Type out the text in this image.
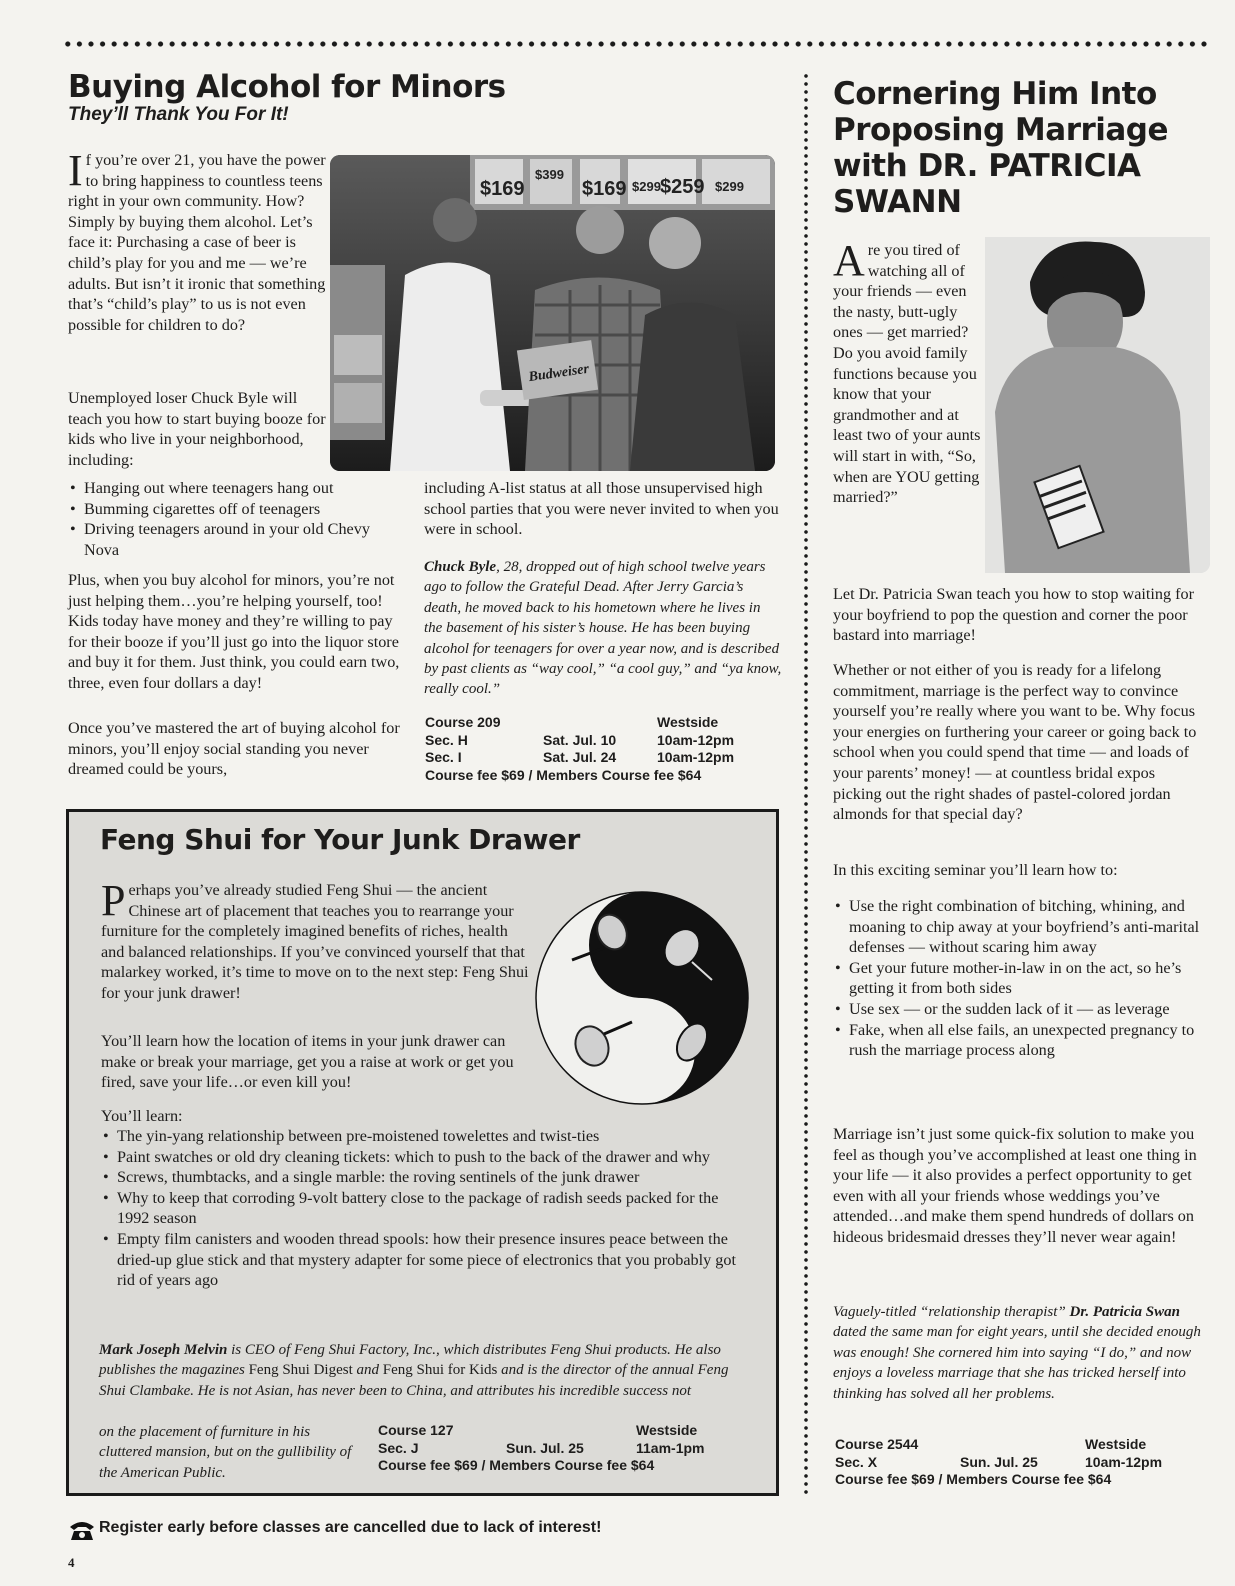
Buying Alcohol for Minors
They’ll Thank You For It!
If you’re over 21, you have the power to bring happiness to countless teens right in your own community. How? Simply by buying them alcohol. Let’s face it: Purchasing a case of beer is child’s play for you and me — we’re adults. But isn’t it ironic that something that’s “child’s play” to us is not even possible for children to do?

Unemployed loser Chuck Byle will teach you how to start buying booze for kids who live in your neighborhood, including:

$169
$399
$169 $299 $259 $299
Budweiser
• Hanging out where teenagers hang out
• Bumming cigarettes off of teenagers
• Driving teenagers around in your old Chevy Nova

Plus, when you buy alcohol for minors, you’re not just helping them…you’re helping yourself, too! Kids today have money and they’re willing to pay for their booze if you’ll just go into the liquor store and buy it for them. Just think, you could earn two, three, even four dollars a day!

Once you’ve mastered the art of buying alcohol for minors, you’ll enjoy social standing you never dreamed could be yours,

including A-list status at all those unsupervised high school parties that you were never invited to when you were in school.

Chuck Byle, 28, dropped out of high school twelve years ago to follow the Grateful Dead. After Jerry Garcia’s death, he moved back to his hometown where he lives in the basement of his sister’s house. He has been buying alcohol for teenagers for over a year now, and is described by past clients as “way cool,” “a cool guy,” and “ya know, really cool.”

Course 209	Westside
Sec. H	Sat. Jul. 10	10am-12pm
Sec. I	Sat. Jul. 24	10am-12pm
Course fee $69 / Members Course fee $64
Feng Shui for Your Junk Drawer
Perhaps you’ve already studied Feng Shui — the ancient Chinese art of placement that teaches you to rearrange your furniture for the completely imagined benefits of riches, health and balanced relationships. If you’ve convinced yourself that that malarkey worked, it’s time to move on to the next step: Feng Shui for your junk drawer!

You’ll learn how the location of items in your junk drawer can make or break your marriage, get you a raise at work or get you fired, save your life…or even kill you!

You’ll learn:
• The yin-yang relationship between pre-moistened towelettes and twist-ties
• Paint swatches or old dry cleaning tickets: which to push to the back of the drawer and why
• Screws, thumbtacks, and a single marble: the roving sentinels of the junk drawer
• Why to keep that corroding 9-volt battery close to the package of radish seeds packed for the 1992 season
• Empty film canisters and wooden thread spools: how their presence insures peace between the dried-up glue stick and that mystery adapter for some piece of electronics that you probably got rid of years ago

Mark Joseph Melvin is CEO of Feng Shui Factory, Inc., which distributes Feng Shui products. He also publishes the magazines Feng Shui Digest and Feng Shui for Kids and is the director of the annual Feng Shui Clambake. He is not Asian, has never been to China, and attributes his incredible success not

on the placement of furniture in his cluttered mansion, but on the gullibility of the American Public.

Course 127	Westside
Sec. J	Sun. Jul. 25	11am-1pm
Course fee $69 / Members Course fee $64
Cornering Him Into Proposing Marriage with DR. PATRICIA SWANN
Are you tired of watching all of your friends — even the nasty, butt-ugly ones — get married? Do you avoid family functions because you know that your grandmother and at least two of your aunts will start in with, “So, when are YOU getting married?”

Let Dr. Patricia Swan teach you how to stop waiting for your boyfriend to pop the question and corner the poor bastard into marriage!

Whether or not either of you is ready for a lifelong commitment, marriage is the perfect way to convince yourself you’re really where you want to be. Why focus your energies on furthering your career or going back to school when you could spend that time — and loads of your parents’ money! — at countless bridal expos picking out the right shades of pastel-colored jordan almonds for that special day?

In this exciting seminar you’ll learn how to:

• Use the right combination of bitching, whining, and moaning to chip away at your boyfriend’s anti-marital defenses — without scaring him away
• Get your future mother-in-law in on the act, so he’s getting it from both sides
• Use sex — or the sudden lack of it — as leverage
• Fake, when all else fails, an unexpected pregnancy to rush the marriage process along

Marriage isn’t just some quick-fix solution to make you feel as though you’ve accomplished at least one thing in your life — it also provides a perfect opportunity to get even with all your friends whose weddings you’ve attended…and make them spend hundreds of dollars on hideous bridesmaid dresses they’ll never wear again!

Vaguely-titled “relationship therapist” Dr. Patricia Swan dated the same man for eight years, until she decided enough was enough! She cornered him into saying “I do,” and now enjoys a loveless marriage that she has tricked herself into thinking has solved all her problems.

Course 2544	Westside
Sec. X	Sun. Jul. 25	10am-12pm
Course fee $69 / Members Course fee $64
Register early before classes are cancelled due to lack of interest!
4
